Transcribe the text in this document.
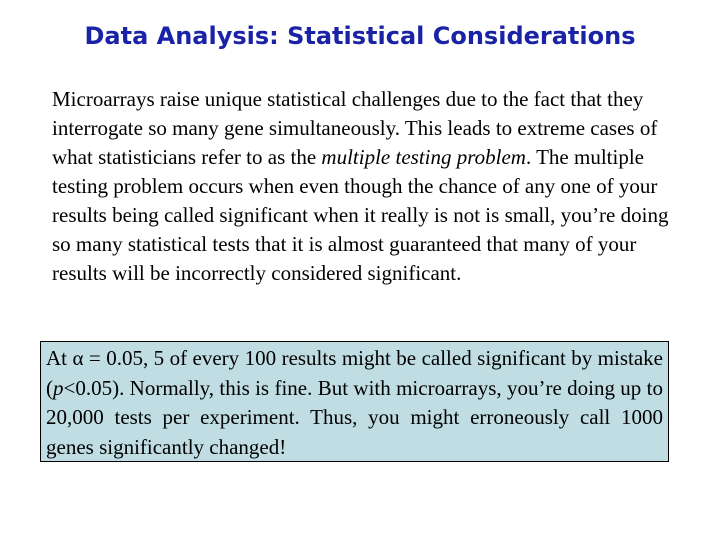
Data Analysis: Statistical Considerations
Microarrays raise unique statistical challenges due to the fact that they interrogate so many gene simultaneously. This leads to extreme cases of what statisticians refer to as the multiple testing problem. The multiple testing problem occurs when even though the chance of any one of your results being called significant when it really is not is small, you’re doing so many statistical tests that it is almost guaranteed that many of your results will be incorrectly considered significant.
At α = 0.05, 5 of every 100 results might be called significant by mistake (p<0.05). Normally, this is fine. But with microarrays, you’re doing up to 20,000 tests per experiment. Thus, you might erroneously call 1000 genes significantly changed!
